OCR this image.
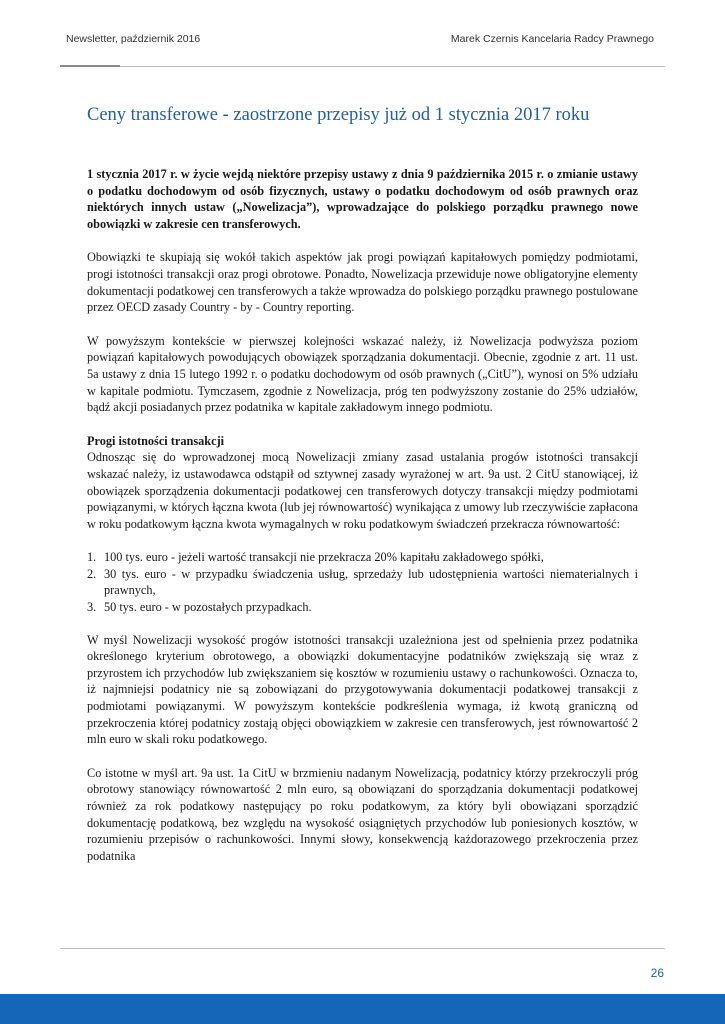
Newsletter, październik 2016	Marek Czernis Kancelaria Radcy Prawnego
Ceny transferowe - zaostrzone przepisy już od 1 stycznia 2017 roku

1 stycznia 2017 r. w życie wejdą niektóre przepisy ustawy z dnia 9 października 2015 r. o zmianie ustawy o podatku dochodowym od osób fizycznych, ustawy o podatku dochodowym od osób prawnych oraz niektórych innych ustaw („Nowelizacja”), wprowadzające do polskiego porządku prawnego nowe obowiązki w zakresie cen transferowych.

Obowiązki te skupiają się wokół takich aspektów jak progi powiązań kapitałowych pomiędzy podmiotami, progi istotności transakcji oraz progi obrotowe. Ponadto, Nowelizacja przewiduje nowe obligatoryjne elementy dokumentacji podatkowej cen transferowych a także wprowadza do polskiego porządku prawnego postulowane przez OECD zasady Country - by - Country reporting.

W powyższym kontekście w pierwszej kolejności wskazać należy, iż Nowelizacja podwyższa poziom powiązań kapitałowych powodujących obowiązek sporządzania dokumentacji. Obecnie, zgodnie z art. 11 ust. 5a ustawy z dnia 15 lutego 1992 r. o podatku dochodowym od osób prawnych („CitU”), wynosi on 5% udziału w kapitale podmiotu. Tymczasem, zgodnie z Nowelizacja, próg ten podwyższony zostanie do 25% udziałów, bądź akcji posiadanych przez podatnika w kapitale zakładowym innego podmiotu.

Progi istotności transakcji

Odnosząc się do wprowadzonej mocą Nowelizacji zmiany zasad ustalania progów istotności transakcji wskazać należy, iz ustawodawca odstąpił od sztywnej zasady wyrażonej w art. 9a ust. 2 CitU stanowiącej, iż obowiązek sporządzenia dokumentacji podatkowej cen transferowych dotyczy transakcji między podmiotami powiązanymi, w których łączna kwota (lub jej równowartość) wynikająca z umowy lub rzeczywiście zapłacona w roku podatkowym łączna kwota wymagalnych w roku podatkowym świadczeń przekracza równowartość:

1. 100 tys. euro - jeżeli wartość transakcji nie przekracza 20% kapitału zakładowego spółki,
2. 30 tys. euro - w przypadku świadczenia usług, sprzedaży lub udostępnienia wartości niematerialnych i prawnych,
3. 50 tys. euro - w pozostałych przypadkach.

W myśl Nowelizacji wysokość progów istotności transakcji uzależniona jest od spełnienia przez podatnika określonego kryterium obrotowego, a obowiązki dokumentacyjne podatników zwiększają się wraz z przyrostem ich przychodów lub zwiększaniem się kosztów w rozumieniu ustawy o rachunkowości. Oznacza to, iż najmniejsi podatnicy nie są zobowiązani do przygotowywania dokumentacji podatkowej transakcji z podmiotami powiązanymi. W powyższym kontekście podkreślenia wymaga, iż kwotą graniczną od przekroczenia której podatnicy zostają objęci obowiązkiem w zakresie cen transferowych, jest równowartość 2 mln euro w skali roku podatkowego.

Co istotne w myśl art. 9a ust. 1a CitU w brzmieniu nadanym Nowelizacją, podatnicy którzy przekroczyli próg obrotowy stanowiący równowartość 2 mln euro, są obowiązani do sporządzania dokumentacji podatkowej również za rok podatkowy następujący po roku podatkowym, za który byli obowiązani sporządzić dokumentację podatkową, bez względu na wysokość osiągniętych przychodów lub poniesionych kosztów, w rozumieniu przepisów o rachunkowości. Innymi słowy, konsekwencją każdorazowego przekroczenia przez podatnika

26
